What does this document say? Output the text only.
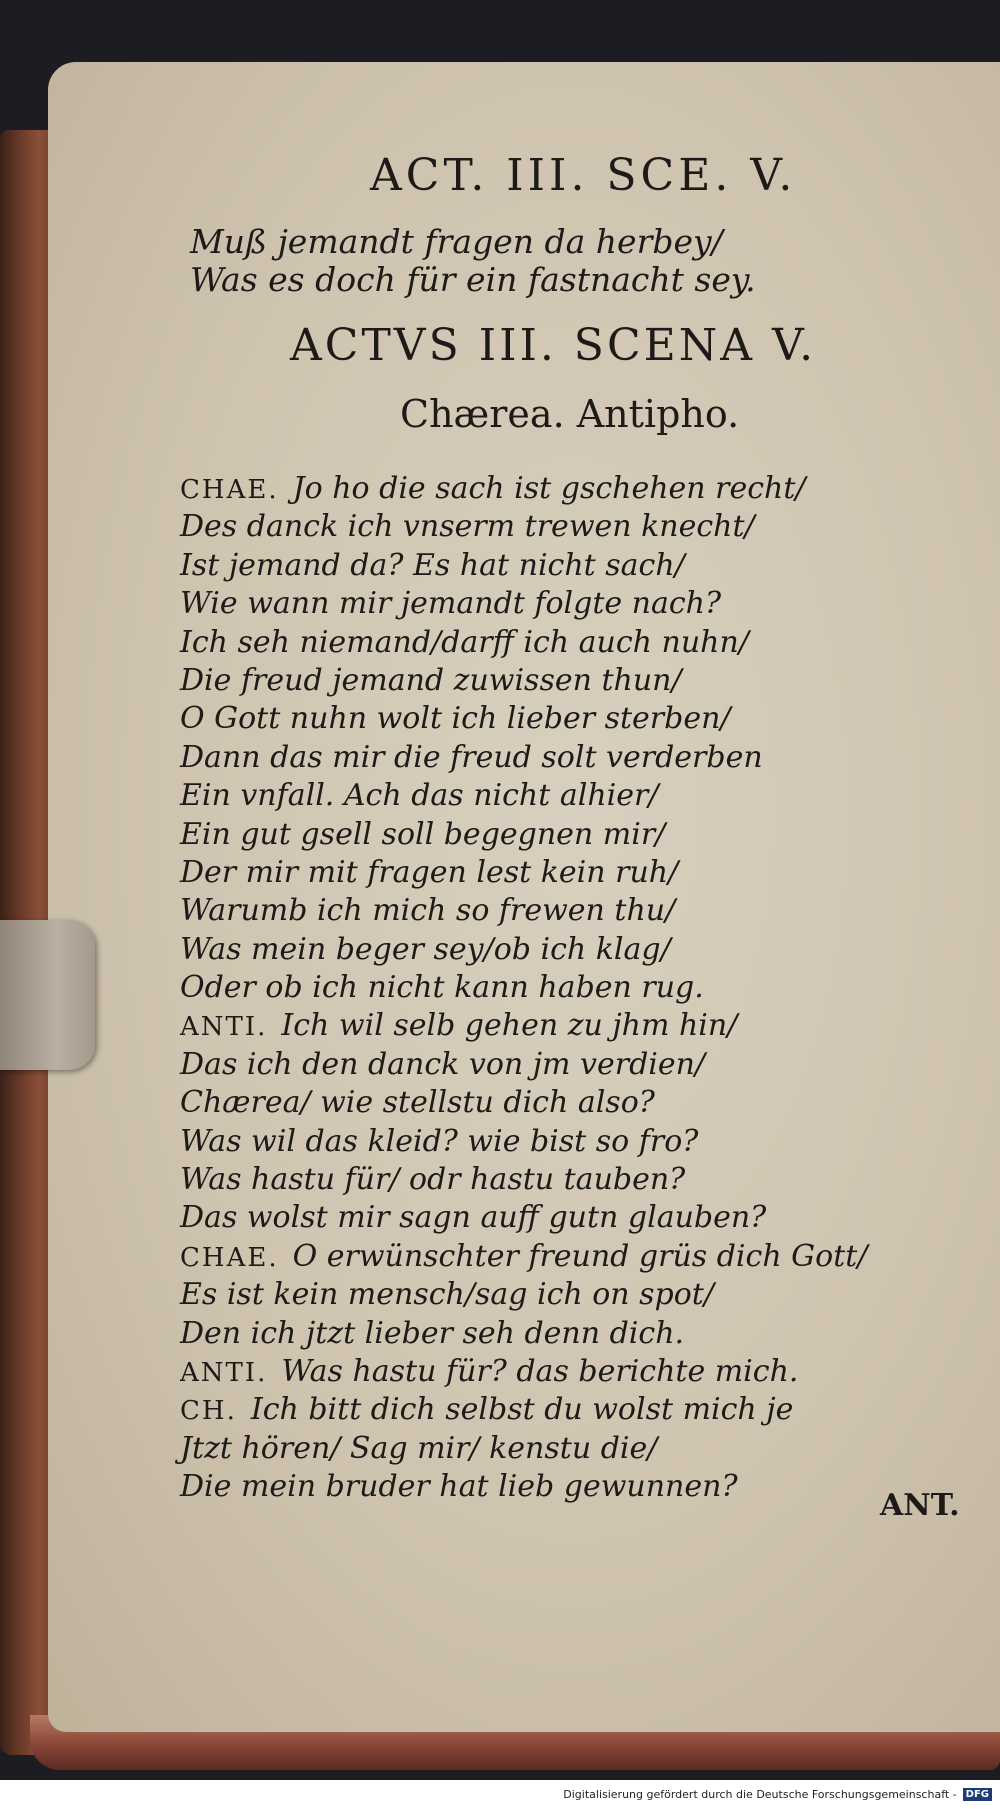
ACT. III. SCE. V.
Muß jemandt fragen da herbey/
Was es doch für ein fastnacht sey.
ACTVS III. SCENA V.
Chærea. Antipho.
CHAE. Jo ho die sach ist gschehen recht/
Des danck ich vnserm trewen knecht/
Ist jemand da? Es hat nicht sach/
Wie wann mir jemandt folgte nach?
Ich seh niemand/darff ich auch nuhn/
Die freud jemand zuwissen thun/
O Gott nuhn wolt ich lieber sterben/
Dann das mir die freud solt verderben
Ein vnfall. Ach das nicht alhier/
Ein gut gsell soll begegnen mir/
Der mir mit fragen lest kein ruh/
Warumb ich mich so frewen thu/
Was mein beger sey/ob ich klag/
Oder ob ich nicht kann haben rug.
ANTI. Ich wil selb gehen zu jhm hin/
Das ich den danck von jm verdien/
Chærea/ wie stellstu dich also?
Was wil das kleid? wie bist so fro?
Was hastu für/ odr hastu tauben?
Das wolst mir sagn auff gutn glauben?
CHAE. O erwünschter freund grüs dich Gott/
Es ist kein mensch/sag ich on spot/
Den ich jtzt lieber seh denn dich.
ANTI. Was hastu für? das berichte mich.
CH. Ich bitt dich selbst du wolst mich je
Jtzt hören/ Sag mir/ kenstu die/
Die mein bruder hat lieb gewunnen?
ANT.
Digitalisierung gefördert durch die Deutsche Forschungsgemeinschaft - DFG
